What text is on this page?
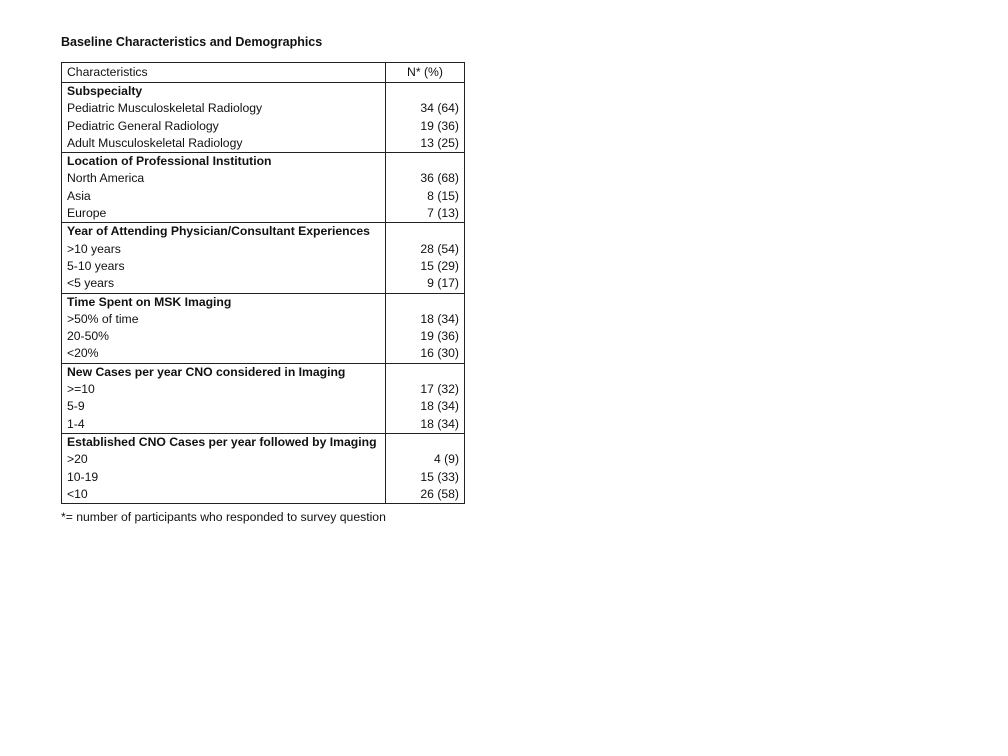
Baseline Characteristics and Demographics
Characteristics	N* (%)
Subspecialty	
Pediatric Musculoskeletal Radiology	34 (64)
Pediatric General Radiology	19 (36)
Adult Musculoskeletal Radiology	13 (25)
Location of Professional Institution	
North America	36 (68)
Asia	8 (15)
Europe	7 (13)
Year of Attending Physician/Consultant Experiences	
>10 years	28 (54)
5-10 years	15 (29)
<5 years	9 (17)
Time Spent on MSK Imaging	
>50% of time	18 (34)
20-50%	19 (36)
<20%	16 (30)
New Cases per year CNO considered in Imaging	
>=10	17 (32)
5-9	18 (34)
1-4	18 (34)
Established CNO Cases per year followed by Imaging	
>20	4 (9)
10-19	15 (33)
<10	26 (58)
*= number of participants who responded to survey question
